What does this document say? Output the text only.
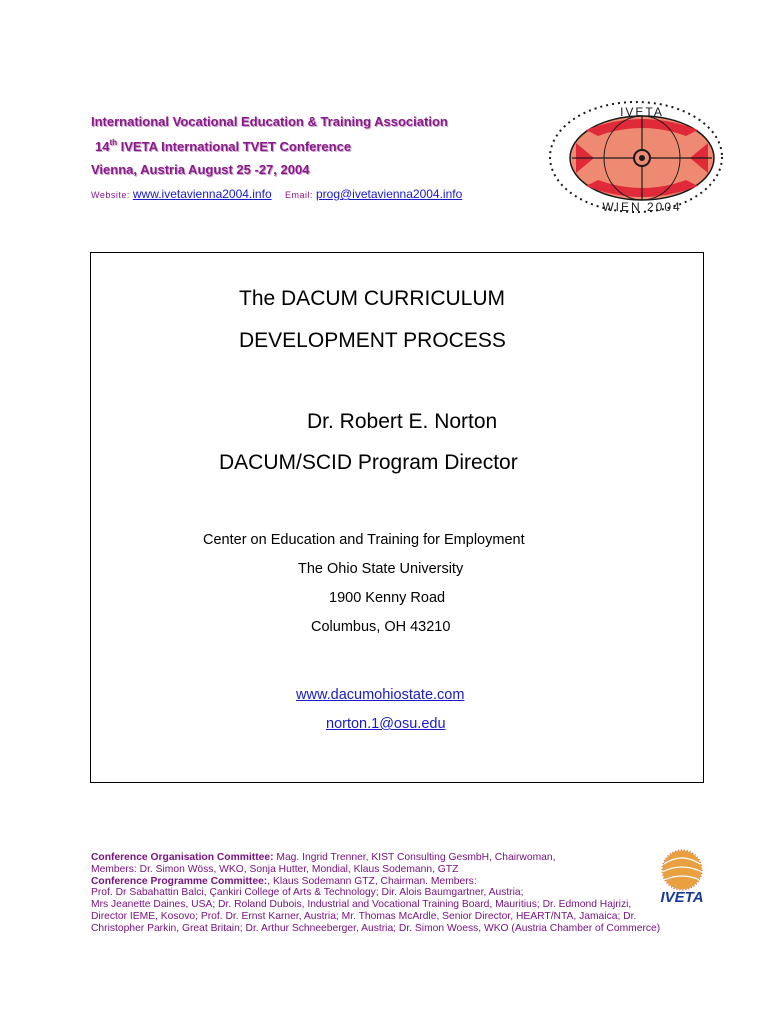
International Vocational Education & Training Association
14th IVETA International TVET Conference
Vienna, Austria August 25 -27, 2004
Website: www.ivetavienna2004.info Email: prog@ivetavienna2004.info
IVETA
WIEN 2004
The DACUM CURRICULUM
DEVELOPMENT PROCESS
Dr. Robert E. Norton
DACUM/SCID Program Director
Center on Education and Training for Employment
The Ohio State University
1900 Kenny Road
Columbus, OH 43210
www.dacumohiostate.com
norton.1@osu.edu
Conference Organisation Committee: Mag. Ingrid Trenner, KIST Consulting GesmbH, Chairwoman,
Members: Dr. Simon Wöss, WKO, Sonja Hutter, Mondial, Klaus Sodemann, GTZ
Conference Programme Committee:, Klaus Sodemann GTZ, Chairman. Members:
Prof. Dr Sabahattin Balci, Çankiri College of Arts & Technology; Dir. Alois Baumgartner, Austria;
Mrs Jeanette Daines, USA; Dr. Roland Dubois, Industrial and Vocational Training Board, Mauritius; Dr. Edmond Hajrizi,
Director IEME, Kosovo; Prof. Dr. Ernst Karner, Austria; Mr. Thomas McArdle, Senior Director, HEART/NTA, Jamaica; Dr.
Christopher Parkin, Great Britain; Dr. Arthur Schneeberger, Austria; Dr. Simon Woess, WKO (Austria Chamber of Commerce)
IVETA
